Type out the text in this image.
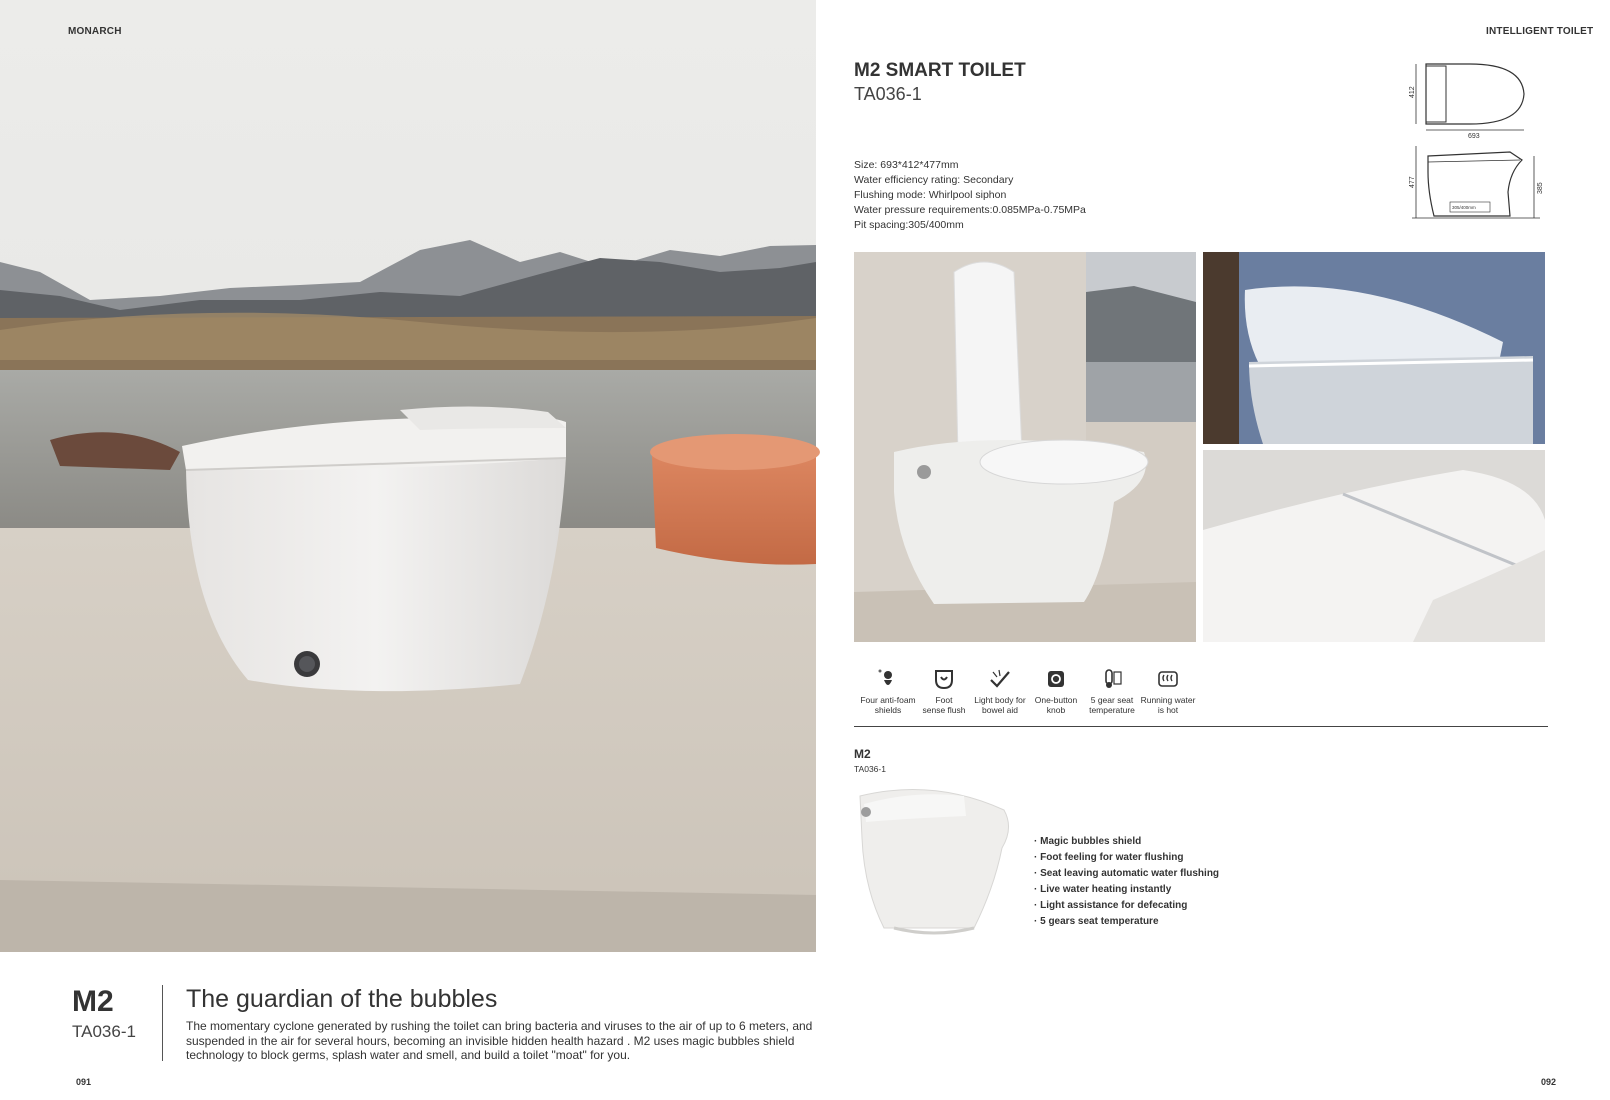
MONARCH
M2
TA036-1
The guardian of the bubbles
The momentary cyclone generated by rushing the toilet can bring bacteria and viruses to the air of up to 6 meters, and suspended in the air for several hours, becoming an invisible hidden health hazard . M2 uses magic bubbles shield technology to block germs, splash water and smell, and build a toilet "moat" for you.
091
INTELLIGENT TOILET
M2 SMART TOILET
TA036-1
Size: 693*412*477mm
Water efficiency rating: Secondary
Flushing mode: Whirlpool siphon
Water pressure requirements:0.085MPa-0.75MPa
Pit spacing:305/400mm
412
693
477
385
305/400mm
Four anti-foam
shields
Foot
sense flush
Light body for
bowel aid
One-button
knob
5 gear seat
temperature
Running water
is hot
M2
TA036-1
· Magic bubbles shield
· Foot feeling for water flushing
· Seat leaving automatic water flushing
· Live water heating instantly
· Light assistance for defecating
· 5 gears seat temperature
092
